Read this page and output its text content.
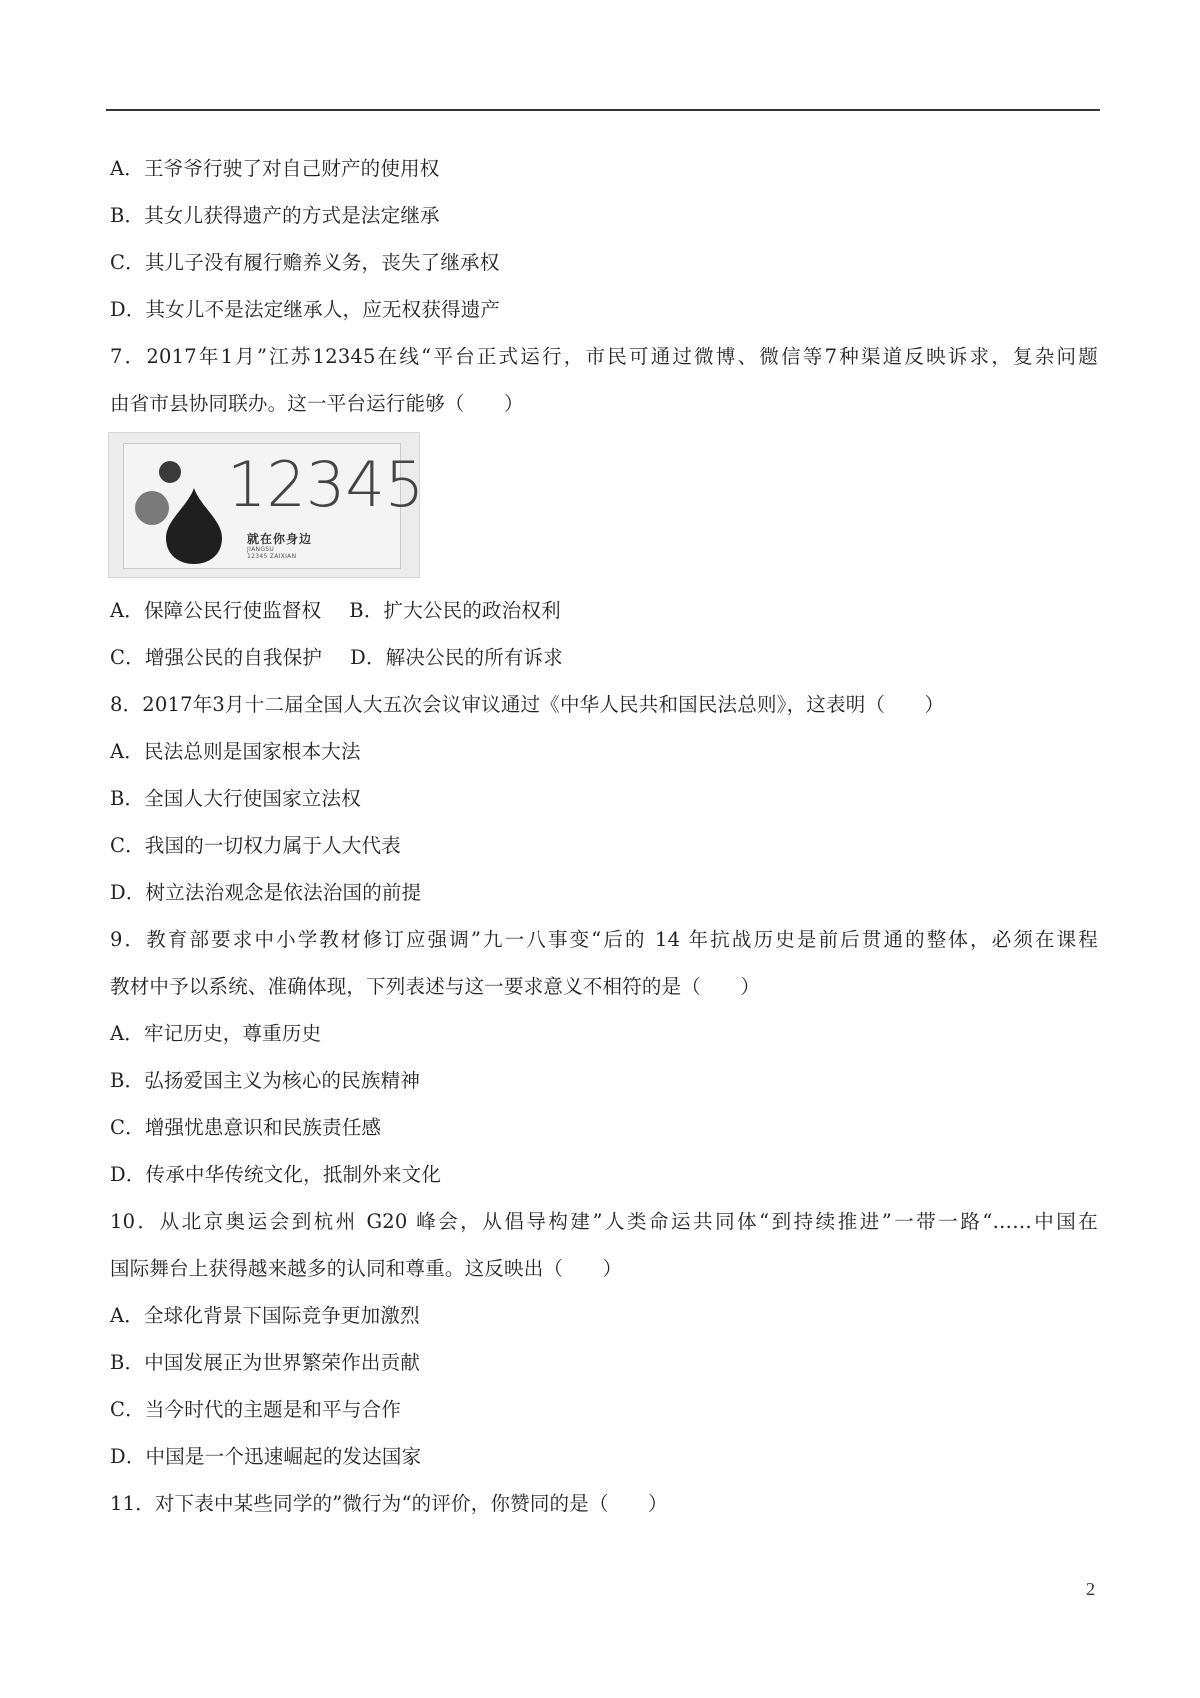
A．王爷爷行驶了对自己财产的使用权
B．其女儿获得遗产的方式是法定继承
C．其儿子没有履行赡养义务，丧失了继承权
D．其女儿不是法定继承人，应无权获得遗产
7．2017年1月”江苏12345在线“平台正式运行，市民可通过微博、微信等7种渠道反映诉求，复杂问题
由省市县协同联办。这一平台运行能够（　　）
12345
就在你身边
JIANGSU
12345 ZAIXIAN
A．保障公民行使监督权 B．扩大公民的政治权利
C．增强公民的自我保护 D．解决公民的所有诉求
8．2017年3月十二届全国人大五次会议审议通过《中华人民共和国民法总则》，这表明（　　）
A．民法总则是国家根本大法
B．全国人大行使国家立法权
C．我国的一切权力属于人大代表
D．树立法治观念是依法治国的前提
9．教育部要求中小学教材修订应强调”九一八事变“后的 14 年抗战历史是前后贯通的整体，必须在课程
教材中予以系统、准确体现，下列表述与这一要求意义不相符的是（　　）
A．牢记历史，尊重历史
B．弘扬爱国主义为核心的民族精神
C．增强忧患意识和民族责任感
D．传承中华传统文化，抵制外来文化
10．从北京奥运会到杭州 G20 峰会，从倡导构建”人类命运共同体“到持续推进”一带一路“……中国在
国际舞台上获得越来越多的认同和尊重。这反映出（　　）
A．全球化背景下国际竞争更加激烈
B．中国发展正为世界繁荣作出贡献
C．当今时代的主题是和平与合作
D．中国是一个迅速崛起的发达国家
11．对下表中某些同学的”微行为“的评价，你赞同的是（　　）
2
